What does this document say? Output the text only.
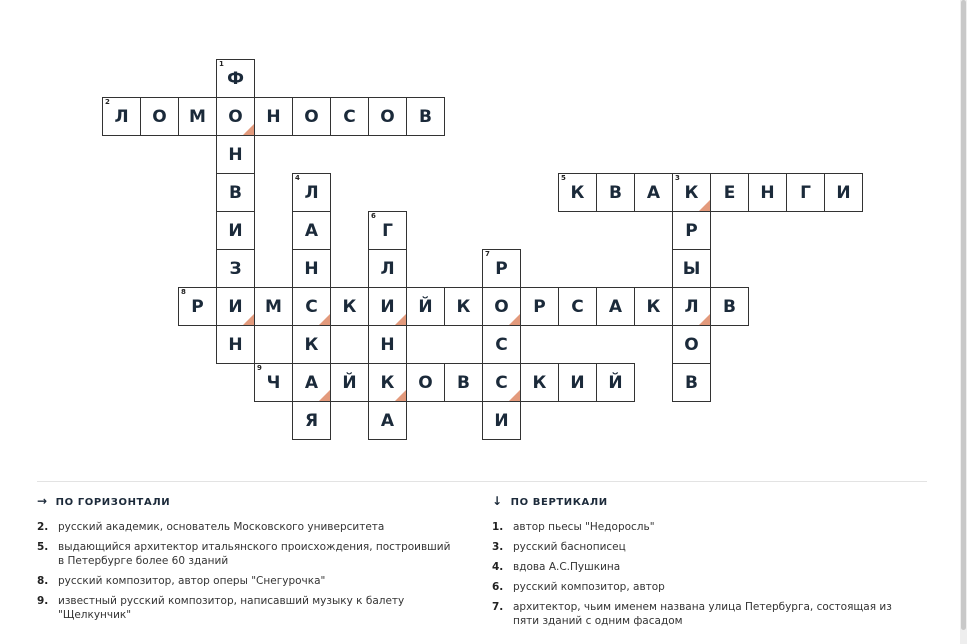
1
Ф
О
Н
В
И
З
И
Н
2
Л О М	Н О С О В
3
К
Р
Ы
Л
О
В
4
Л
А
Н
С
К
А
Я
5
К В А	Е Н Г И
6
Г
Л
И
Н
К
А
7
Р
О
С
С
И
8
Р	М	К	Й К	Р С А К	В
9
Ч	Й	О В	К И Й
→ ПО ГОРИЗОНТАЛИ
2. русский академик, основатель Московского университета
5. выдающийся архитектор итальянского происхождения, построивший в Петербурге более 60 зданий
8. русский композитор, автор оперы "Снегурочка"
9. известный русский композитор, написавший музыку к балету "Щелкунчик"
↓ ПО ВЕРТИКАЛИ
1. автор пьесы "Недоросль"
3. русский баснописец
4. вдова А.С.Пушкина
6. русский композитор, автор
7. архитектор, чьим именем названа улица Петербурга, состоящая из пяти зданий с одним фасадом
